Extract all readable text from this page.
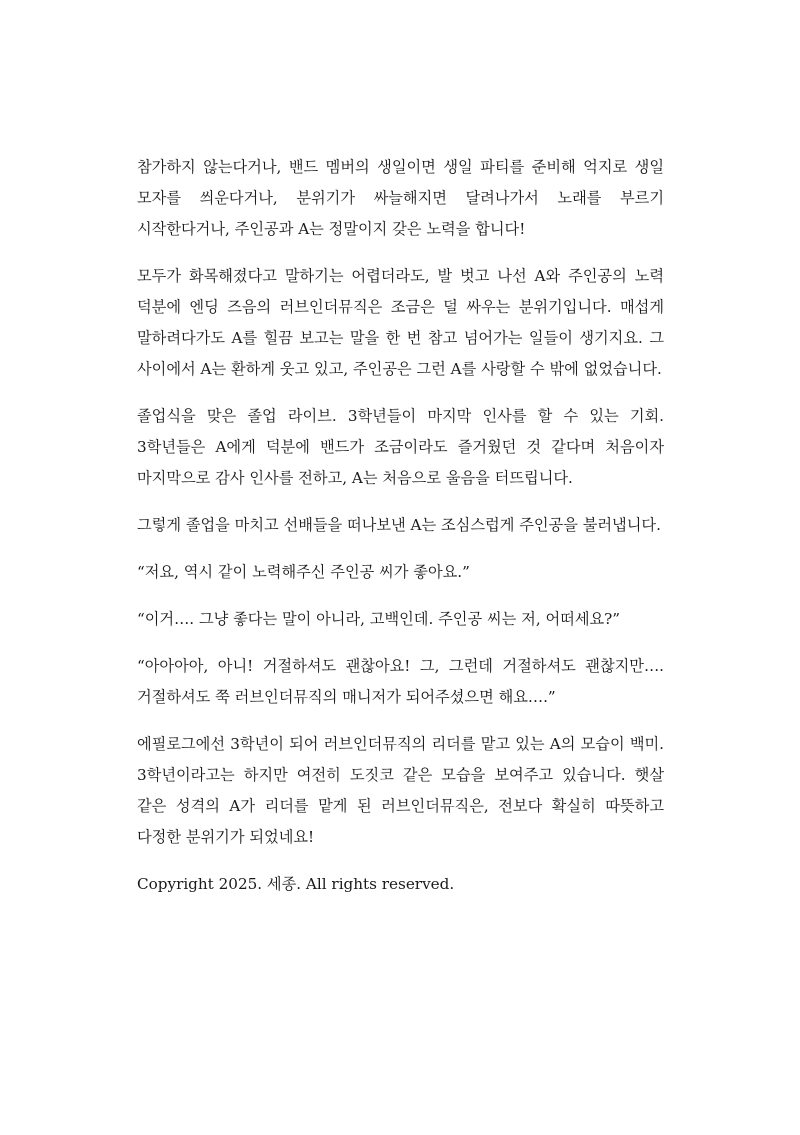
참가하지 않는다거나, 밴드 멤버의 생일이면 생일 파티를 준비해 억지로 생일 모자를 씌운다거나, 분위기가 싸늘해지면 달려나가서 노래를 부르기 시작한다거나, 주인공과 A는 정말이지 갖은 노력을 합니다!

모두가 화목해졌다고 말하기는 어렵더라도, 발 벗고 나선 A와 주인공의 노력 덕분에 엔딩 즈음의 러브인더뮤직은 조금은 덜 싸우는 분위기입니다. 매섭게 말하려다가도 A를 힐끔 보고는 말을 한 번 참고 넘어가는 일들이 생기지요. 그 사이에서 A는 환하게 웃고 있고, 주인공은 그런 A를 사랑할 수 밖에 없었습니다.

졸업식을 맞은 졸업 라이브. 3학년들이 마지막 인사를 할 수 있는 기회. 3학년들은 A에게 덕분에 밴드가 조금이라도 즐거웠던 것 같다며 처음이자 마지막으로 감사 인사를 전하고, A는 처음으로 울음을 터뜨립니다.

그렇게 졸업을 마치고 선배들을 떠나보낸 A는 조심스럽게 주인공을 불러냅니다.

“저요, 역시 같이 노력해주신 주인공 씨가 좋아요.”

“이거…. 그냥 좋다는 말이 아니라, 고백인데. 주인공 씨는 저, 어떠세요?”

“아아아아, 아니! 거절하셔도 괜찮아요! 그, 그런데 거절하셔도 괜찮지만…. 거절하셔도 쭉 러브인더뮤직의 매니저가 되어주셨으면 해요….”

에필로그에선 3학년이 되어 러브인더뮤직의 리더를 맡고 있는 A의 모습이 백미. 3학년이라고는 하지만 여전히 도짓코 같은 모습을 보여주고 있습니다. 햇살 같은 성격의 A가 리더를 맡게 된 러브인더뮤직은, 전보다 확실히 따뜻하고 다정한 분위기가 되었네요!

Copyright 2025. 세종. All rights reserved.
